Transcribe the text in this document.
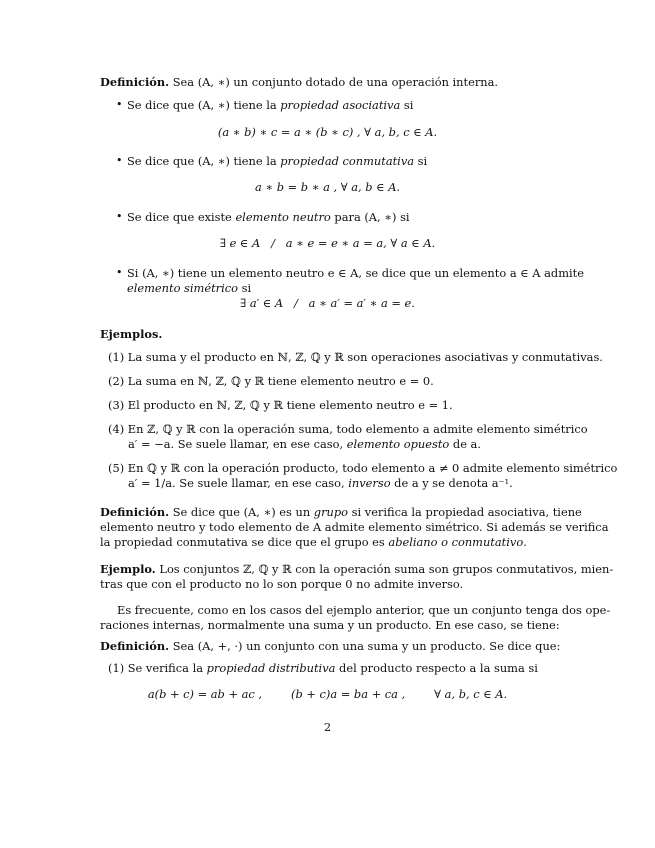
Definición. Sea (A, ∗) un conjunto dotado de una operación interna.
• Se dice que (A, ∗) tiene la propiedad asociativa si
(a ∗ b) ∗ c = a ∗ (b ∗ c) , ∀ a, b, c ∈ A.
• Se dice que (A, ∗) tiene la propiedad conmutativa si
a ∗ b = b ∗ a , ∀ a, b ∈ A.
• Se dice que existe elemento neutro para (A, ∗) si
∃ e ∈ A   /   a ∗ e = e ∗ a = a, ∀ a ∈ A.
• Si (A, ∗) tiene un elemento neutro e ∈ A, se dice que un elemento a ∈ A admite
elemento simétrico si
∃ a′ ∈ A   /   a ∗ a′ = a′ ∗ a = e.
Ejemplos.
(1) La suma y el producto en ℕ, ℤ, ℚ y ℝ son operaciones asociativas y conmutativas.
(2) La suma en ℕ, ℤ, ℚ y ℝ tiene elemento neutro e = 0.
(3) El producto en ℕ, ℤ, ℚ y ℝ tiene elemento neutro e = 1.
(4) En ℤ, ℚ y ℝ con la operación suma, todo elemento a admite elemento simétrico
a′ = −a. Se suele llamar, en ese caso, elemento opuesto de a.
(5) En ℚ y ℝ con la operación producto, todo elemento a ≠ 0 admite elemento simétrico
a′ = 1/a. Se suele llamar, en ese caso, inverso de a y se denota a⁻¹.
Definición. Se dice que (A, ∗) es un grupo si verifica la propiedad asociativa, tiene
elemento neutro y todo elemento de A admite elemento simétrico. Si además se verifica
la propiedad conmutativa se dice que el grupo es abeliano o conmutativo.
Ejemplo. Los conjuntos ℤ, ℚ y ℝ con la operación suma son grupos conmutativos, mien-
tras que con el producto no lo son porque 0 no admite inverso.
Es frecuente, como en los casos del ejemplo anterior, que un conjunto tenga dos ope-
raciones internas, normalmente una suma y un producto. En ese caso, se tiene:
Definición. Sea (A, +, ·) un conjunto con una suma y un producto. Se dice que:
(1) Se verifica la propiedad distributiva del producto respecto a la suma si
a(b + c) = ab + ac ,        (b + c)a = ba + ca ,        ∀ a, b, c ∈ A.
2
